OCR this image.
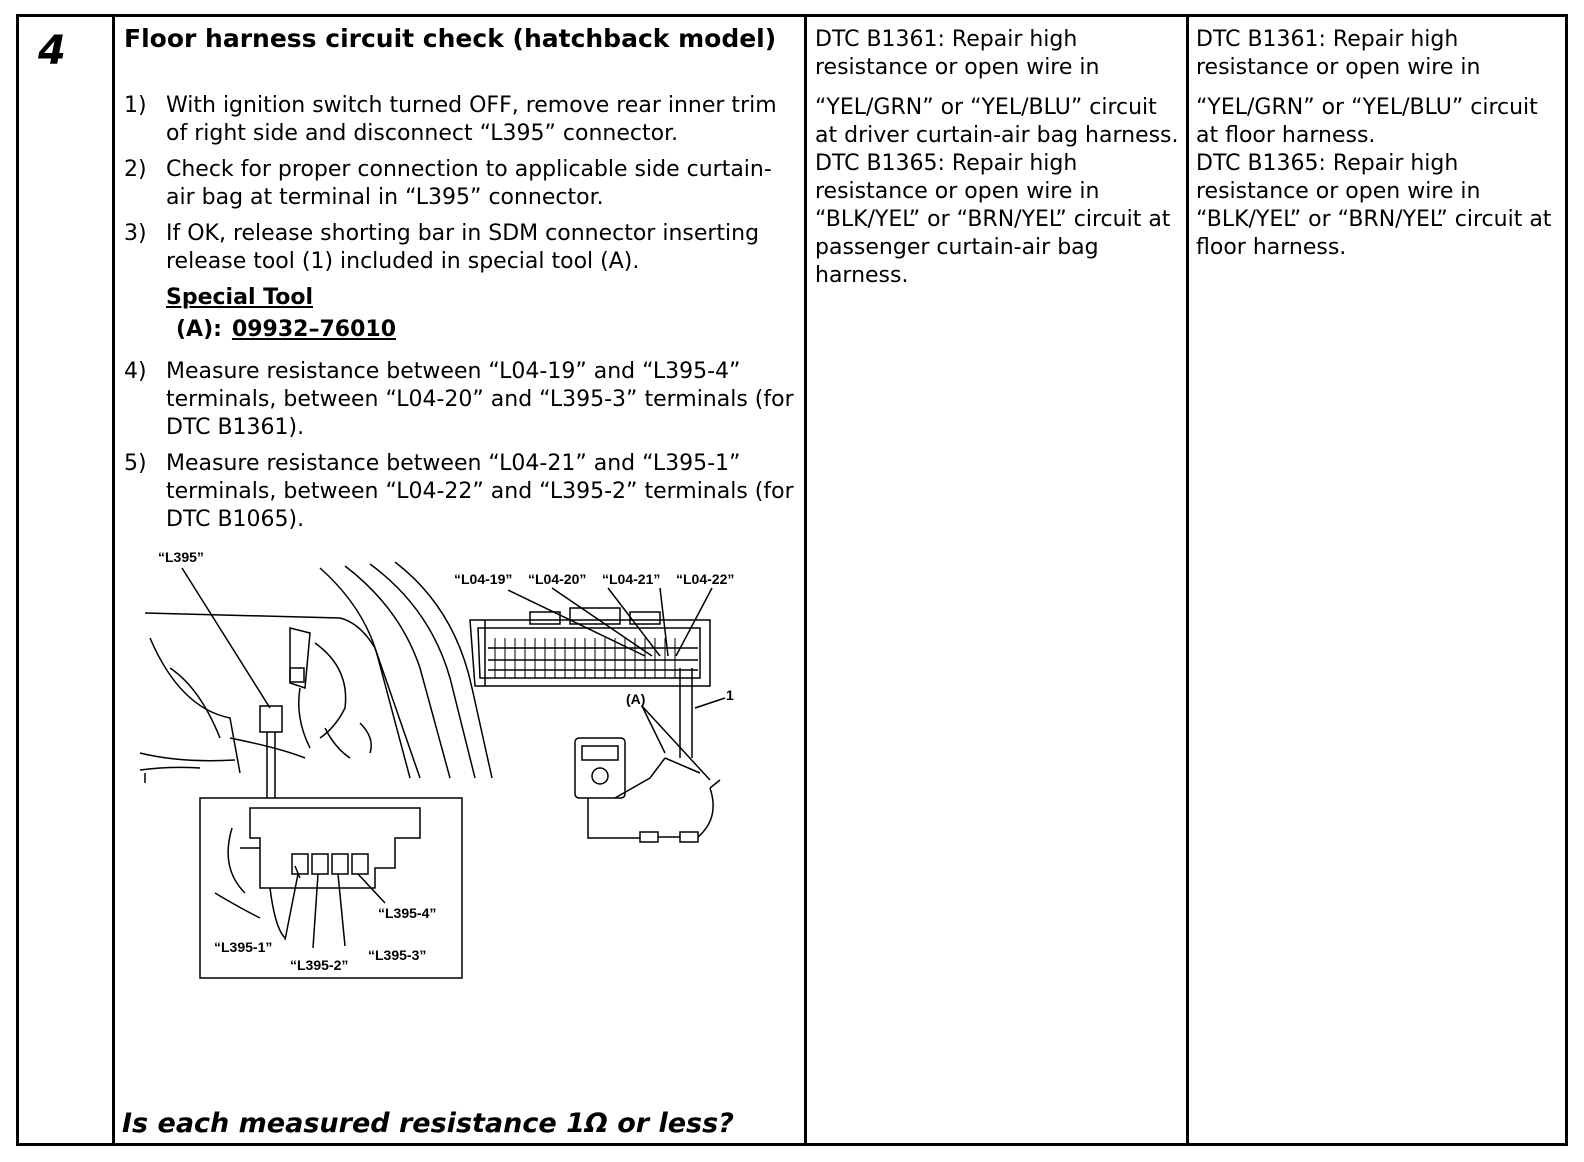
4 Floor harness circuit check (hatchback model)
1) With ignition switch turned OFF, remove rear inner trim of right side and disconnect “L395” connector.
2) Check for proper connection to applicable side curtain-air bag at terminal in “L395” connector.
3) If OK, release shorting bar in SDM connector inserting release tool (1) included in special tool (A).
Special Tool
(A): 09932–76010
4) Measure resistance between “L04-19” and “L395-4” terminals, between “L04-20” and “L395-3” terminals (for DTC B1361).
5) Measure resistance between “L04-21” and “L395-1” terminals, between “L04-22” and “L395-2” terminals (for DTC B1065).
“L395”
“L04-19” “L04-20” “L04-21” “L04-22”
(A)	1
“L395-4”
“L395-1”
“L395-2”
“L395-3”
Is each measured resistance 1Ω or less?

DTC B1361: Repair high resistance or open wire in

“YEL/GRN” or “YEL/BLU” circuit at driver curtain-air bag harness.

DTC B1365: Repair high resistance or open wire in “BLK/YEL” or “BRN/YEL” circuit at passenger curtain-air bag harness.

DTC B1361: Repair high resistance or open wire in

“YEL/GRN” or “YEL/BLU” circuit at floor harness.

DTC B1365: Repair high resistance or open wire in “BLK/YEL” or “BRN/YEL” circuit at floor harness.
